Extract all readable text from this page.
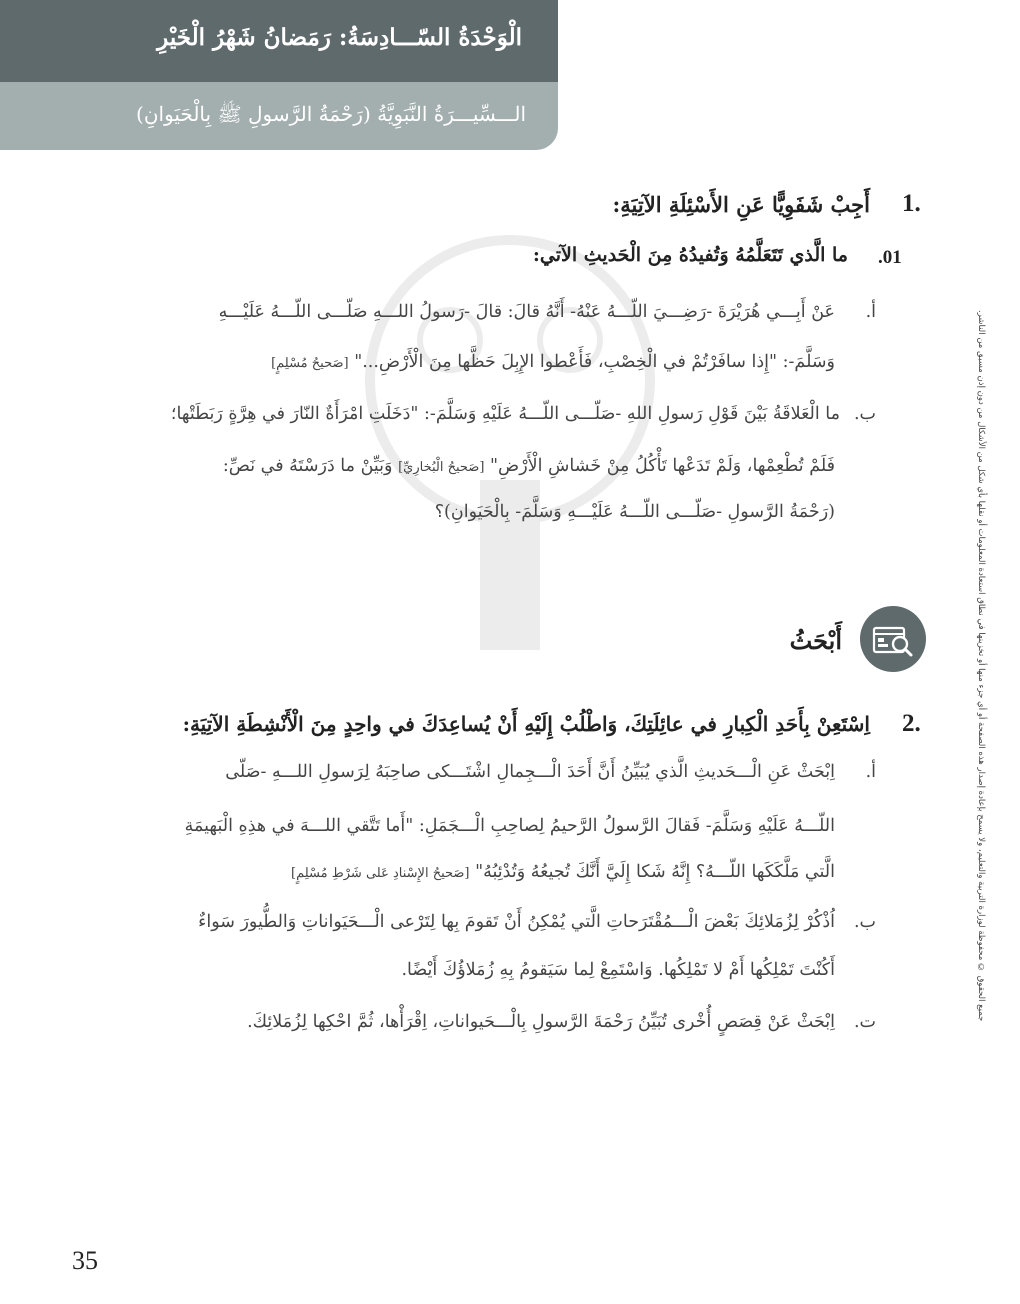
الْوَحْدَةُ السّـــادِسَةُ: رَمَضانُ شَهْرُ الْخَيْرِ
الـــسِّيـــرَةُ النَّبَوِيَّةُ (رَحْمَةُ الرَّسولِ ﷺ بِالْحَيَوانِ)
جميع الحقوق © محفوظة لوزارة التربية والتعليم، ولا يسمح بإعادة إصدار هذه الصفحة أو أي جزء منها أو تخزينها في نطاق استعادة المعلومات أو نقلها بأي شكل من الأشكال من دون إذن مسبق من الناشر.
1.
أَجِبْ شَفَوِيًّا عَنِ الأَسْئِلَةِ الآتِيَةِ:
.01
ما الَّذي تَتَعَلَّمُهُ وَتُفيدُهُ مِنَ الْحَديثِ الآتي:
أ.
عَنْ أَبِـــي هُرَيْرَةَ -رَضِـــيَ اللّـــهُ عَنْهُ- أَنَّهُ قالَ: قالَ -رَسولُ اللـــهِ صَلّـــى اللّـــهُ عَلَيْـــهِ
وَسَلَّمَ-: "إِذا سافَرْتُمْ في الْخِصْبِ، فَأَعْطوا الإِبِلَ حَظَّها مِنَ الْأَرْضِ..." [صَحيحُ مُسْلِمٍ]
ب.
ما الْعَلاقَةُ بَيْنَ قَوْلِ رَسولِ اللهِ -صَلّـــى اللّـــهُ عَلَيْهِ وَسَلَّمَ-: "دَخَلَتِ امْرَأَةٌ النّارَ في هِرَّةٍ رَبَطَتْها؛
فَلَمْ تُطْعِمْها، وَلَمْ تَدَعْها تَأْكُلُ مِنْ خَشاشِ الْأَرْضِ" [صَحيحُ الْبُخارِيِّ] وَبَيِّنْ ما دَرَسْتَهُ في نَصِّ:
(رَحْمَةُ الرَّسولِ -صَلّـــى اللّـــهُ عَلَيْـــهِ وَسَلَّمَ- بِالْحَيَوانِ)؟
أَبْحَثُ
2.
اِسْتَعِنْ بِأَحَدِ الْكِبارِ في عائِلَتِكَ، وَاطْلُبْ إِلَيْهِ أَنْ يُساعِدَكَ في واحِدٍ مِنَ الْأَنْشِطَةِ الآتِيَةِ:
أ.
اِبْحَثْ عَنِ الْـــحَديثِ الَّذي يُبَيِّنُ أَنَّ أَحَدَ الْـــجِمالِ اشْتَـــكى صاحِبَهُ لِرَسولِ اللـــهِ -صَلّى
اللّـــهُ عَلَيْهِ وَسَلَّمَ- فَقالَ الرَّسولُ الرَّحيمُ لِصاحِبِ الْـــجَمَلِ: "أَما تَتَّقي اللـــهَ في هذِهِ الْبَهيمَةِ
الَّتي مَلَّكَكَها اللّـــهُ؟ إِنَّهُ شَكا إِلَيَّ أَنَّكَ تُجيعُهُ وَتُدْئِبُهُ" [صَحيحُ الإِسْنادِ عَلى شَرْطِ مُسْلِمٍ]
ب.
اُذْكُرْ لِزُمَلائِكَ بَعْضَ الْـــمُقْتَرَحاتِ الَّتي يُمْكِنُ أَنْ تَقومَ بِها لِتَرْعى الْـــحَيَواناتِ وَالطُّيورَ سَواءٌ
أَكُنْتَ تَمْلِكُها أَمْ لا تَمْلِكُها. وَاسْتَمِعْ لِما سَيَقومُ بِهِ زُمَلاؤُكَ أَيْضًا.
ت.
اِبْحَثْ عَنْ قِصَصٍ أُخْرى تُبَيِّنُ رَحْمَةَ الرَّسولِ بِالْـــحَيواناتِ، اِقْرَأْها، ثُمَّ احْكِها لِزُمَلائِكَ.
35
